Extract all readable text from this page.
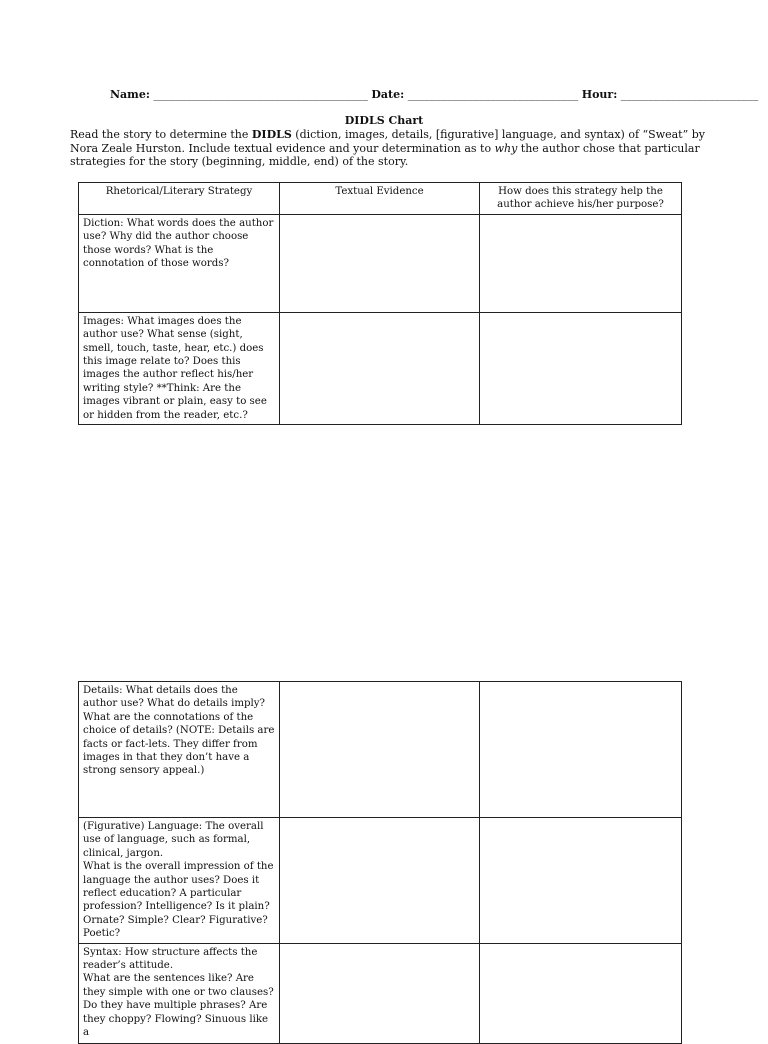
Name: _______________________________________ Date: _______________________________ Hour: _________________________
DIDLS Chart
Read the story to determine the DIDLS (diction, images, details, [figurative] language, and syntax) of “Sweat” by Nora Zeale Hurston. Include textual evidence and your determination as to why the author chose that particular strategies for the story (beginning, middle, end) of the story.
Rhetorical/Literary Strategy	Textual Evidence	How does this strategy help the author achieve his/her purpose?
Diction: What words does the author use? Why did the author choose those words? What is the connotation of those words?		
Images: What images does the author use? What sense (sight, smell, touch, taste, hear, etc.) does this image relate to? Does this images the author reflect his/her writing style? **Think: Are the images vibrant or plain, easy to see or hidden from the reader, etc.?		
Details: What details does the author use? What do details imply? What are the connotations of the choice of details? (NOTE: Details are facts or fact-lets. They differ from images in that they don’t have a strong sensory appeal.)		
(Figurative) Language: The overall use of language, such as formal, clinical, jargon.
What is the overall impression of the language the author uses? Does it reflect education? A particular profession? Intelligence? Is it plain? Ornate? Simple? Clear? Figurative? Poetic?		
Syntax: How structure affects the reader’s attitude.
What are the sentences like? Are they simple with one or two clauses? Do they have multiple phrases? Are they choppy? Flowing? Sinuous like a		
